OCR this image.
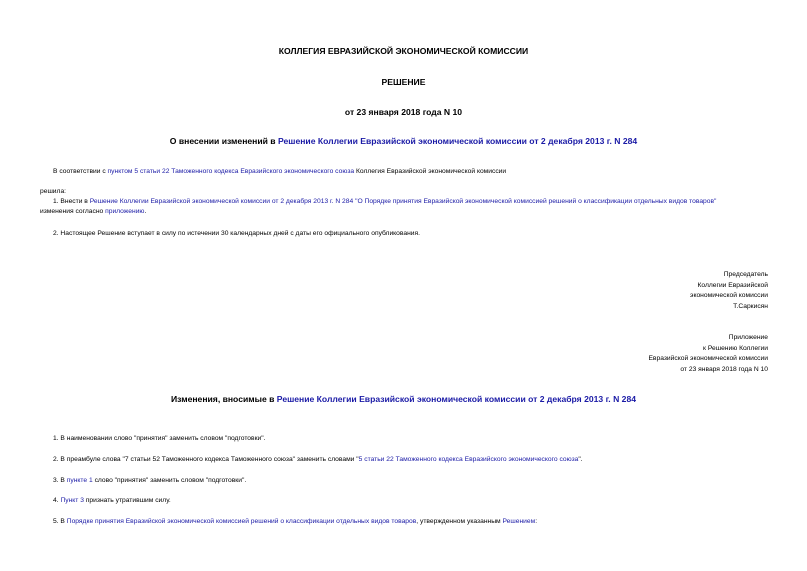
КОЛЛЕГИЯ ЕВРАЗИЙСКОЙ ЭКОНОМИЧЕСКОЙ КОМИССИИ
РЕШЕНИЕ
от 23 января 2018 года N 10
О внесении изменений в Решение Коллегии Евразийской экономической комиссии от 2 декабря 2013 г. N 284
В соответствии с пунктом 5 статьи 22 Таможенного кодекса Евразийского экономического союза Коллегия Евразийской экономической комиссии
решила:
1. Внести в Решение Коллегии Евразийской экономической комиссии от 2 декабря 2013 г. N 284 "О Порядке принятия Евразийской экономической комиссией решений о классификации отдельных видов товаров"
изменения согласно приложению.
2. Настоящее Решение вступает в силу по истечении 30 календарных дней с даты его официального опубликования.
Председатель
Коллегии Евразийской
экономической комиссии
Т.Саркисян
Приложение
к Решению Коллегии
Евразийской экономической комиссии
от 23 января 2018 года N 10
Изменения, вносимые в Решение Коллегии Евразийской экономической комиссии от 2 декабря 2013 г. N 284
1. В наименовании слово "принятия" заменить словом "подготовки".
2. В преамбуле слова "7 статьи 52 Таможенного кодекса Таможенного союза" заменить словами "5 статьи 22 Таможенного кодекса Евразийского экономического союза".
3. В пункте 1 слово "принятия" заменить словом "подготовки".
4. Пункт 3 признать утратившим силу.
5. В Порядке принятия Евразийской экономической комиссией решений о классификации отдельных видов товаров, утвержденном указанным Решением:
